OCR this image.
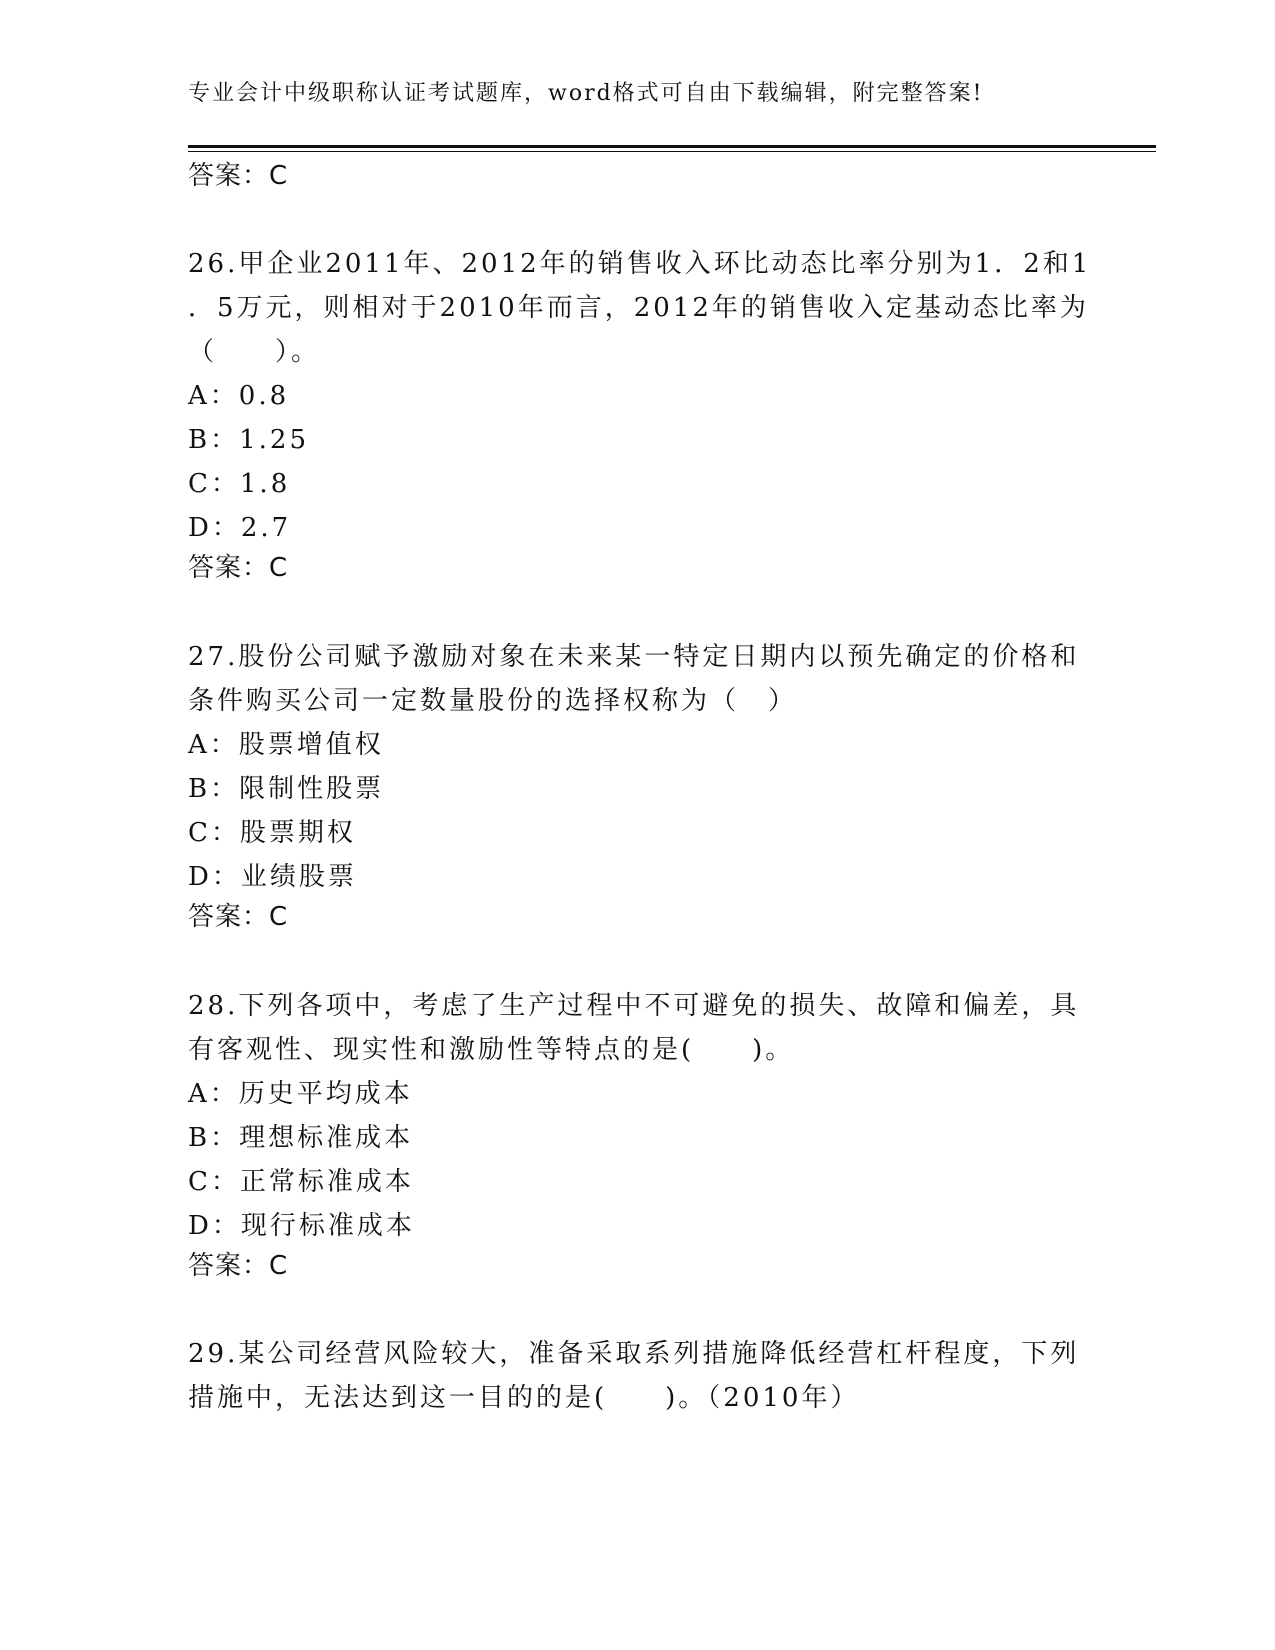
专业会计中级职称认证考试题库，word格式可自由下载编辑，附完整答案!
答案：C
26.甲企业2011年、2012年的销售收入环比动态比率分别为1．2和1
．5万元，则相对于2010年而言，2012年的销售收入定基动态比率为
（　　）。
A：0.8
B：1.25
C：1.8
D：2.7
答案：C
27.股份公司赋予激励对象在未来某一特定日期内以预先确定的价格和
条件购买公司一定数量股份的选择权称为（　）
A：股票增值权
B：限制性股票
C：股票期权
D：业绩股票
答案：C
28.下列各项中，考虑了生产过程中不可避免的损失、故障和偏差，具
有客观性、现实性和激励性等特点的是(　　)。
A：历史平均成本
B：理想标准成本
C：正常标准成本
D：现行标准成本
答案：C
29.某公司经营风险较大，准备采取系列措施降低经营杠杆程度，下列
措施中，无法达到这一目的的是(　　)。（2010年）
